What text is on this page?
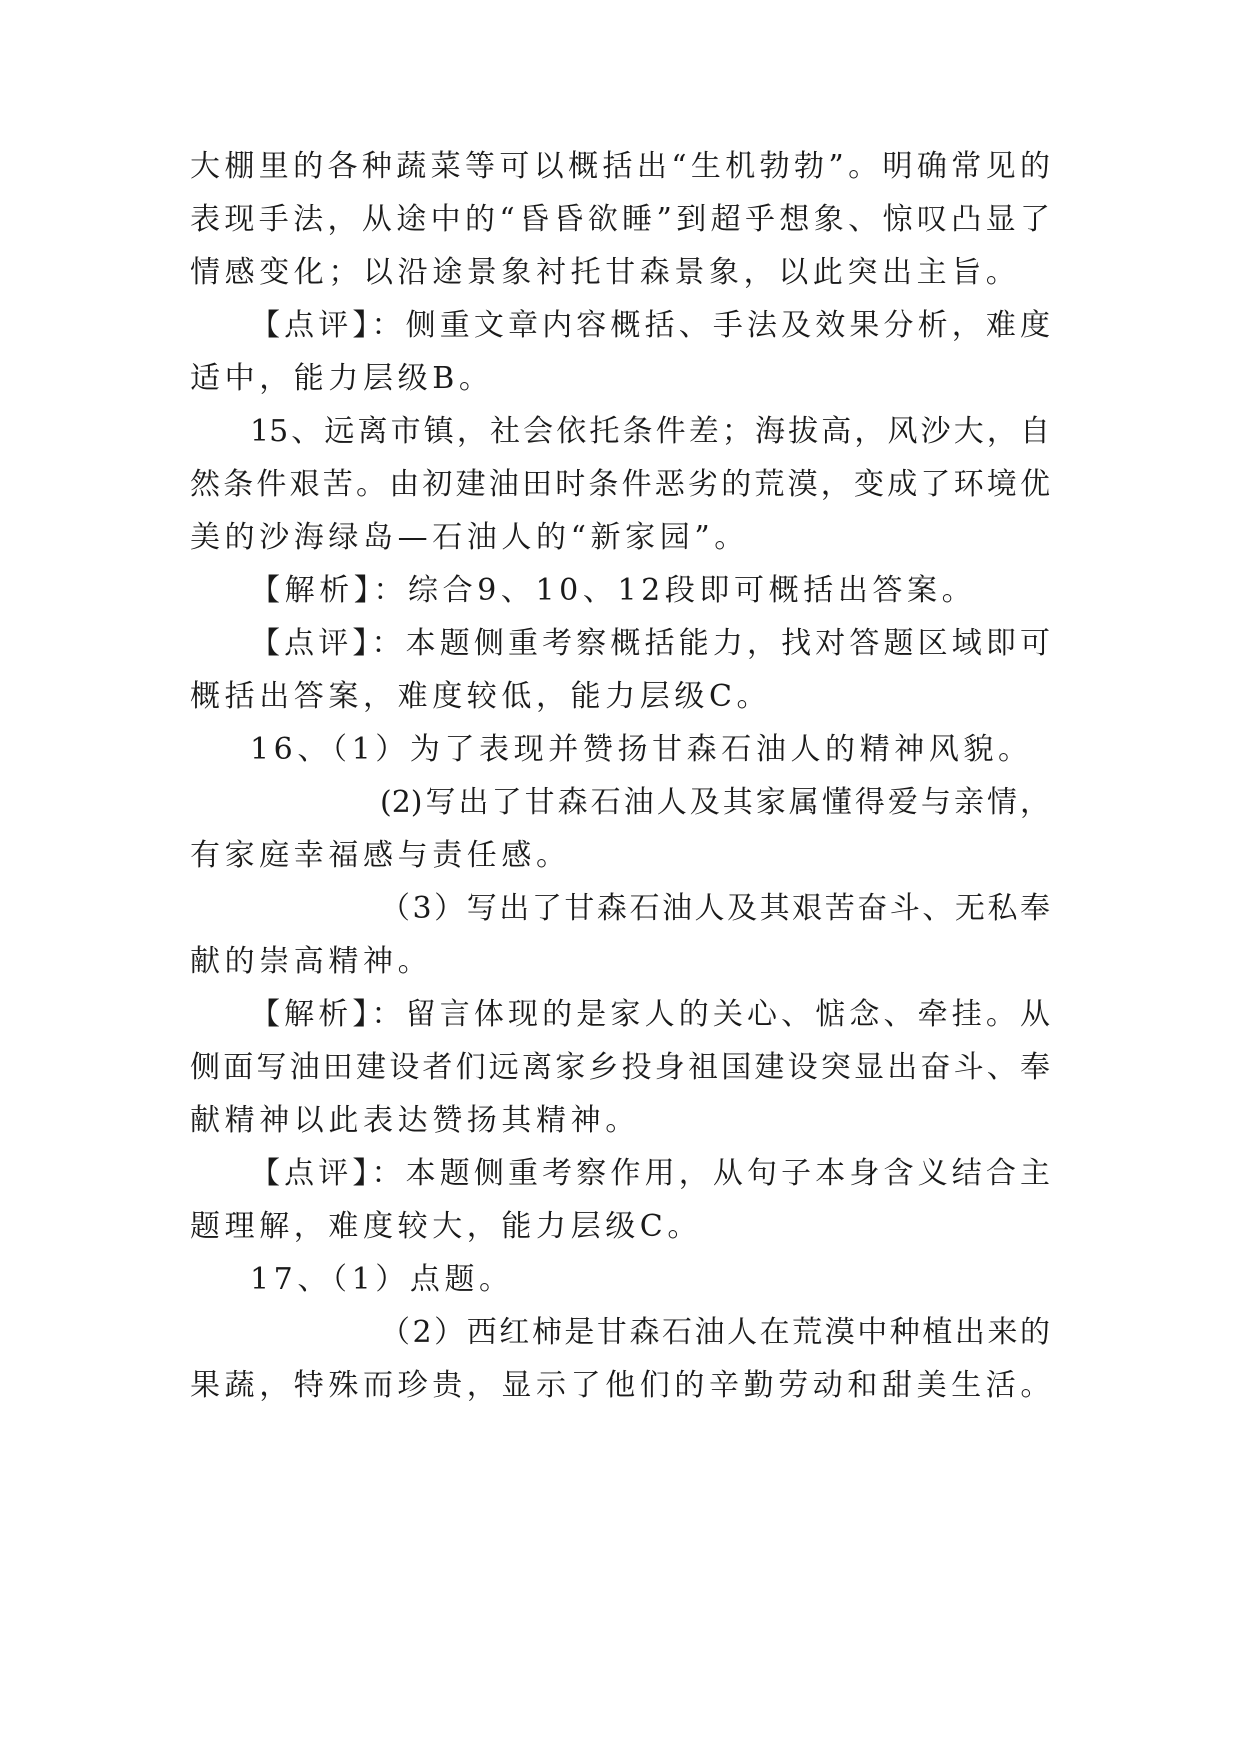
大棚里的各种蔬菜等可以概括出“生机勃勃”。明确常见的
表现手法，从途中的“昏昏欲睡”到超乎想象、惊叹凸显了
情感变化；以沿途景象衬托甘森景象，以此突出主旨。
【点评】：侧重文章内容概括、手法及效果分析，难度
适中，能力层级B。
15、远离市镇，社会依托条件差；海拔高，风沙大，自
然条件艰苦。由初建油田时条件恶劣的荒漠，变成了环境优
美的沙海绿岛—石油人的“新家园”。
【解析】：综合9、10、12段即可概括出答案。
【点评】：本题侧重考察概括能力，找对答题区域即可
概括出答案，难度较低，能力层级C。
16、（1）为了表现并赞扬甘森石油人的精神风貌。
(2)写出了甘森石油人及其家属懂得爱与亲情，
有家庭幸福感与责任感。
（3）写出了甘森石油人及其艰苦奋斗、无私奉
献的崇高精神。
【解析】：留言体现的是家人的关心、惦念、牵挂。从
侧面写油田建设者们远离家乡投身祖国建设突显出奋斗、奉
献精神以此表达赞扬其精神。
【点评】：本题侧重考察作用，从句子本身含义结合主
题理解，难度较大，能力层级C。
17、（1）点题。
（2）西红柿是甘森石油人在荒漠中种植出来的
果蔬，特殊而珍贵，显示了他们的辛勤劳动和甜美生活。
